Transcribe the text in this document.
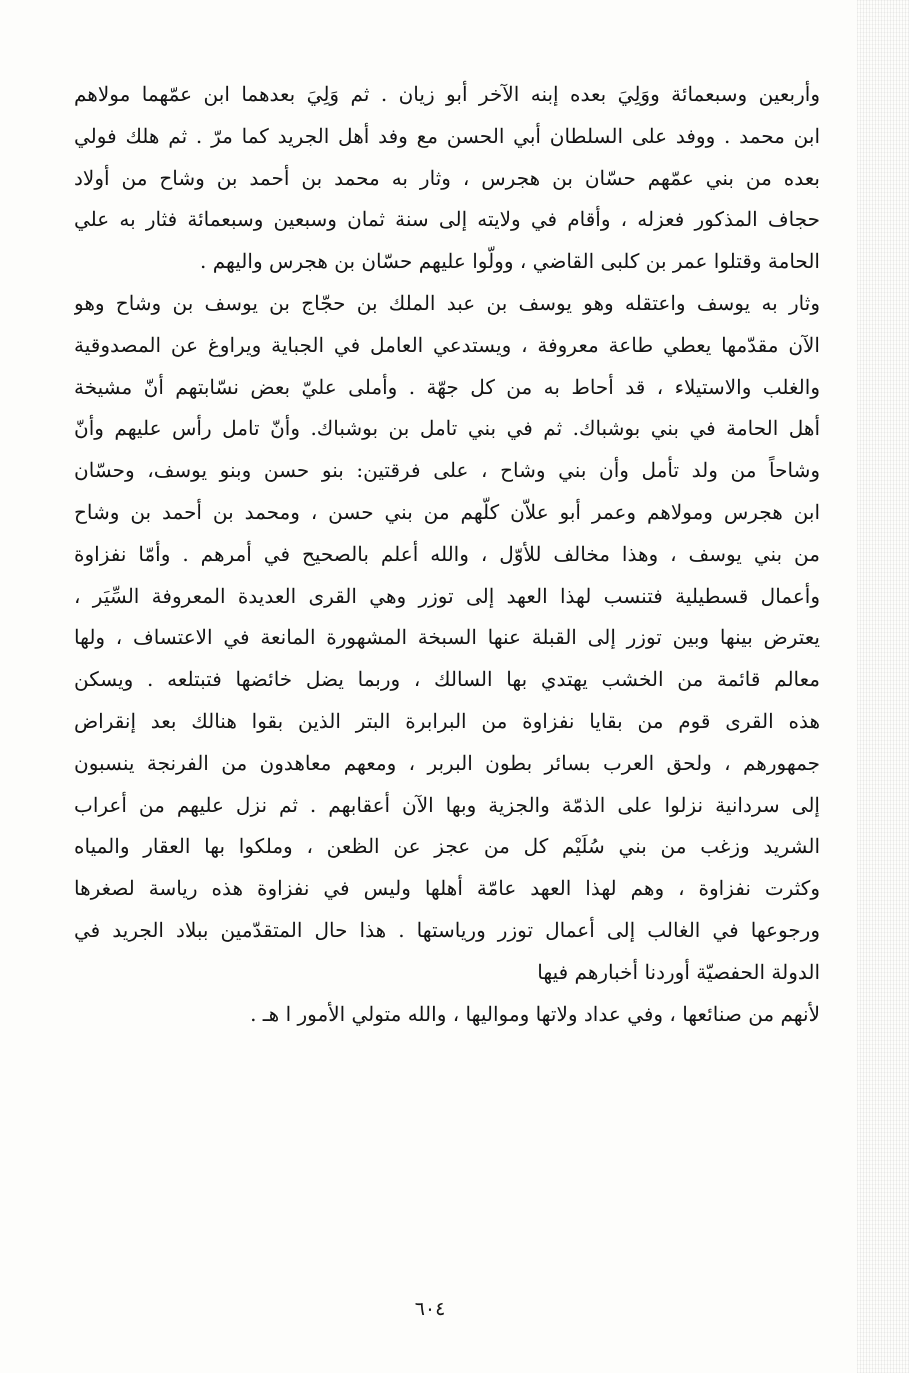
وأربعين وسبعمائة ووَلِيَ بعده إبنه الآخر أبو زيان . ثم وَلِيَ بعدهما ابن عمّهما مولاهم
ابن محمد . ووفد على السلطان أبي الحسن مع وفد أهل الجريد كما مرّ . ثم هلك فولي
بعده من بني عمّهم حسّان بن هجرس ، وثار به محمد بن أحمد بن وشاح من أولاد
حجاف المذكور فعزله ، وأقام في ولايته إلى سنة ثمان وسبعين وسبعمائة فثار به علي
الحامة وقتلوا عمر بن كلبى القاضي ، وولّوا عليهم حسّان بن هجرس واليهم .
وثار به يوسف واعتقله وهو يوسف بن عبد الملك بن حجّاج بن يوسف بن وشاح وهو
الآن مقدّمها يعطي طاعة معروفة ، ويستدعي العامل في الجباية ويراوغ عن المصدوقية
والغلب والاستيلاء ، قد أحاط به من كل جهّة . وأملى عليّ بعض نسّابتهم أنّ مشيخة
أهل الحامة في بني بوشباك. ثم في بني تامل بن بوشباك. وأنّ تامل رأس عليهم وأنّ
وشاحاً من ولد تأمل وأن بني وشاح ، على فرقتين: بنو حسن وبنو يوسف، وحسّان
ابن هجرس ومولاهم وعمر أبو علاّن كلّهم من بني حسن ، ومحمد بن أحمد بن وشاح
من بني يوسف ، وهذا مخالف للأوّل ، والله أعلم بالصحيح في أمرهم . وأمّا نفزاوة
وأعمال قسطيلية فتنسب لهذا العهد إلى توزر وهي القرى العديدة المعروفة السِّيَر ،
يعترض بينها وبين توزر إلى القبلة عنها السبخة المشهورة المانعة في الاعتساف ، ولها
معالم قائمة من الخشب يهتدي بها السالك ، وربما يضل خائضها فتبتلعه . ويسكن
هذه القرى قوم من بقايا نفزاوة من البرابرة البتر الذين بقوا هنالك بعد إنقراض
جمهورهم ، ولحق العرب بسائر بطون البربر ، ومعهم معاهدون من الفرنجة ينسبون
إلى سردانية نزلوا على الذمّة والجزية وبها الآن أعقابهم . ثم نزل عليهم من أعراب
الشريد وزغب من بني سُلَيْم كل من عجز عن الظعن ، وملكوا بها العقار والمياه
وكثرت نفزاوة ، وهم لهذا العهد عامّة أهلها وليس في نفزاوة هذه رياسة لصغرها
ورجوعها في الغالب إلى أعمال توزر ورياستها . هذا حال المتقدّمين ببلاد الجريد في
الدولة الحفصيّة أوردنا أخبارهم فيها
لأنهم من صنائعها ، وفي عداد ولاتها ومواليها ، والله متولي الأمور ا هـ .
٦٠٤
